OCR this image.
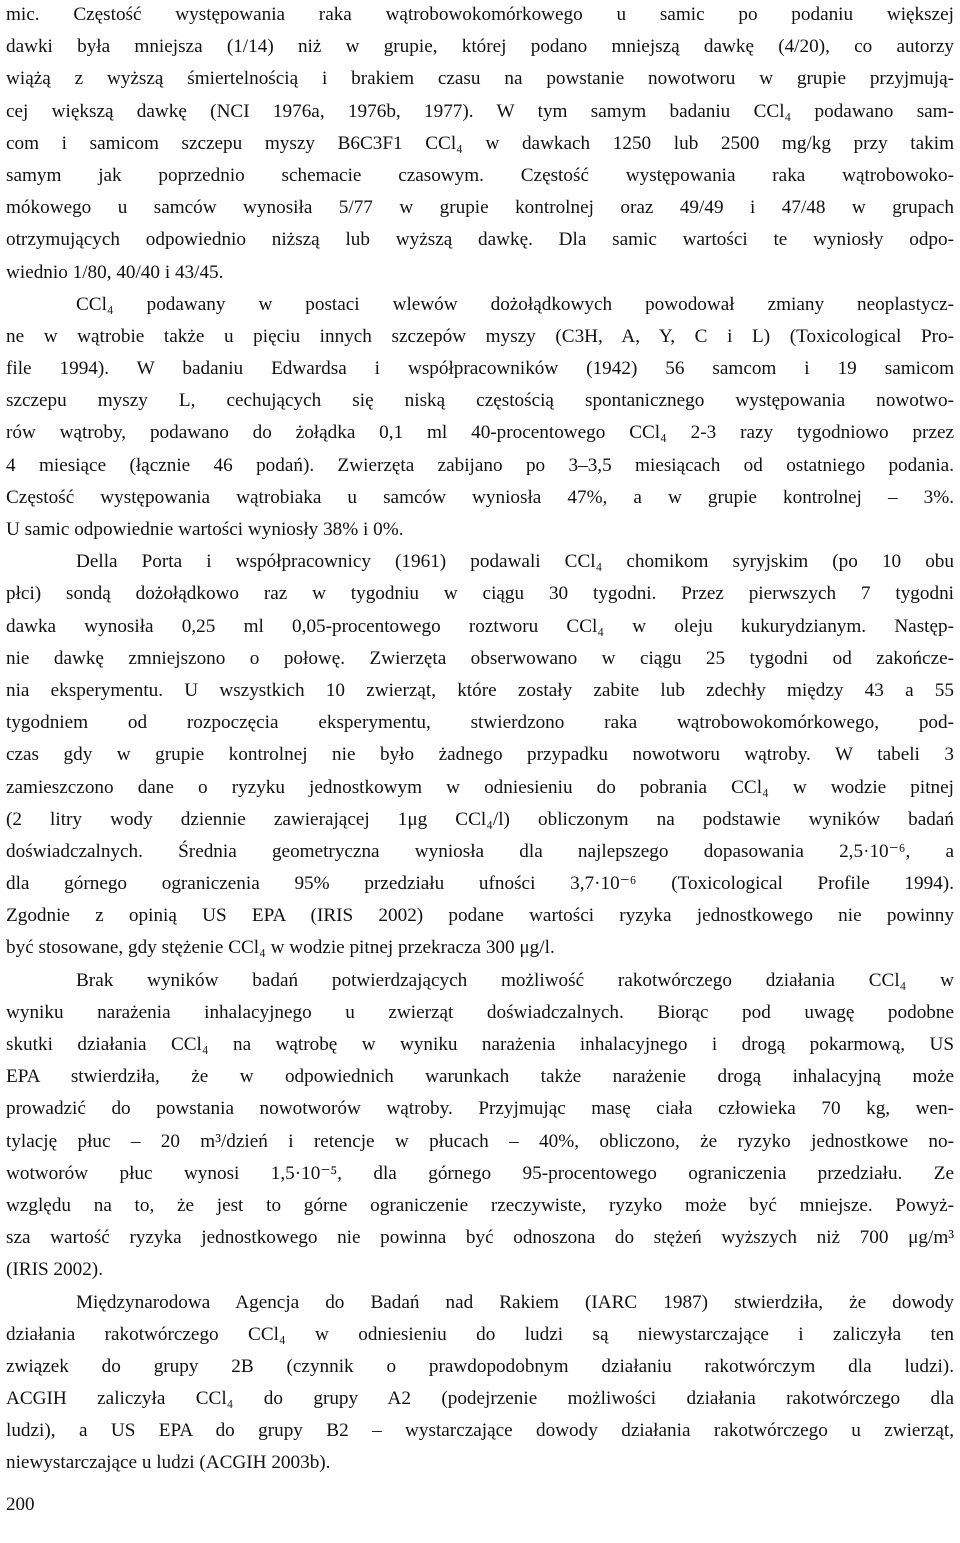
mic. Częstość występowania raka wątrobowokomórkowego u samic po podaniu większej
dawki była mniejsza (1/14) niż w grupie, której podano mniejszą dawkę (4/20), co autorzy
wiążą z wyższą śmiertelnością i brakiem czasu na powstanie nowotworu w grupie przyjmują-
cej większą dawkę (NCI 1976a, 1976b, 1977). W tym samym badaniu CCl₄ podawano sam-
com i samicom szczepu myszy B6C3F1 CCl₄ w dawkach 1250 lub 2500 mg/kg przy takim
samym jak poprzednio schemacie czasowym. Częstość występowania raka wątrobowoko-
mókowego u samców wynosiła 5/77 w grupie kontrolnej oraz 49/49 i 47/48 w grupach
otrzymujących odpowiednio niższą lub wyższą dawkę. Dla samic wartości te wyniosły odpo-
wiednio 1/80, 40/40 i 43/45.
CCl₄ podawany w postaci wlewów dożołądkowych powodował zmiany neoplastycz-
ne w wątrobie także u pięciu innych szczepów myszy (C3H, A, Y, C i L) (Toxicological Pro-
file 1994). W badaniu Edwardsa i współpracowników (1942) 56 samcom i 19 samicom
szczepu myszy L, cechujących się niską częstością spontanicznego występowania nowotwo-
rów wątroby, podawano do żołądka 0,1 ml 40-procentowego CCl₄ 2-3 razy tygodniowo przez
4 miesiące (łącznie 46 podań). Zwierzęta zabijano po 3–3,5 miesiącach od ostatniego podania.
Częstość występowania wątrobiaka u samców wyniosła 47%, a w grupie kontrolnej – 3%.
U samic odpowiednie wartości wyniosły 38% i 0%.
Della Porta i współpracownicy (1961) podawali CCl₄ chomikom syryjskim (po 10 obu
płci) sondą dożołądkowo raz w tygodniu w ciągu 30 tygodni. Przez pierwszych 7 tygodni
dawka wynosiła 0,25 ml 0,05-procentowego roztworu CCl₄ w oleju kukurydzianym. Następ-
nie dawkę zmniejszono o połowę. Zwierzęta obserwowano w ciągu 25 tygodni od zakończe-
nia eksperymentu. U wszystkich 10 zwierząt, które zostały zabite lub zdechły między 43 a 55
tygodniem od rozpoczęcia eksperymentu, stwierdzono raka wątrobowokomórkowego, pod-
czas gdy w grupie kontrolnej nie było żadnego przypadku nowotworu wątroby. W tabeli 3
zamieszczono dane o ryzyku jednostkowym w odniesieniu do pobrania CCl₄ w wodzie pitnej
(2 litry wody dziennie zawierającej 1μg CCl₄/l) obliczonym na podstawie wyników badań
doświadczalnych. Średnia geometryczna wyniosła dla najlepszego dopasowania 2,5·10⁻⁶, a
dla górnego ograniczenia 95% przedziału ufności 3,7·10⁻⁶ (Toxicological Profile 1994).
Zgodnie z opinią US EPA (IRIS 2002) podane wartości ryzyka jednostkowego nie powinny
być stosowane, gdy stężenie CCl₄ w wodzie pitnej przekracza 300 μg/l.
Brak wyników badań potwierdzających możliwość rakotwórczego działania CCl₄ w
wyniku narażenia inhalacyjnego u zwierząt doświadczalnych. Biorąc pod uwagę podobne
skutki działania CCl₄ na wątrobę w wyniku narażenia inhalacyjnego i drogą pokarmową, US
EPA stwierdziła, że w odpowiednich warunkach także narażenie drogą inhalacyjną może
prowadzić do powstania nowotworów wątroby. Przyjmując masę ciała człowieka 70 kg, wen-
tylację płuc – 20 m³/dzień i retencje w płucach – 40%, obliczono, że ryzyko jednostkowe no-
wotworów płuc wynosi 1,5·10⁻⁵, dla górnego 95-procentowego ograniczenia przedziału. Ze
względu na to, że jest to górne ograniczenie rzeczywiste, ryzyko może być mniejsze. Powyż-
sza wartość ryzyka jednostkowego nie powinna być odnoszona do stężeń wyższych niż 700 μg/m³
(IRIS 2002).
Międzynarodowa Agencja do Badań nad Rakiem (IARC 1987) stwierdziła, że dowody
działania rakotwórczego CCl₄ w odniesieniu do ludzi są niewystarczające i zaliczyła ten
związek do grupy 2B (czynnik o prawdopodobnym działaniu rakotwórczym dla ludzi).
ACGIH zaliczyła CCl₄ do grupy A2 (podejrzenie możliwości działania rakotwórczego dla
ludzi), a US EPA do grupy B2 – wystarczające dowody działania rakotwórczego u zwierząt,
niewystarczające u ludzi (ACGIH 2003b).
200
